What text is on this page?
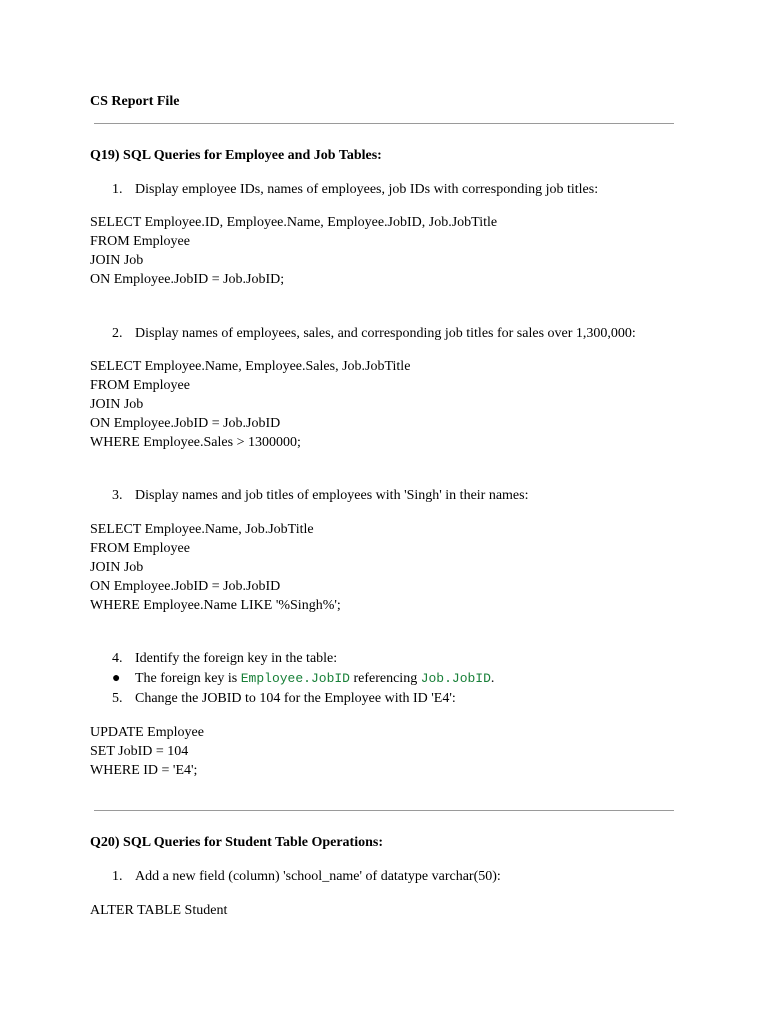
CS Report File
Q19) SQL Queries for Employee and Job Tables:
1. Display employee IDs, names of employees, job IDs with corresponding job titles:
SELECT Employee.ID, Employee.Name, Employee.JobID, Job.JobTitle
FROM Employee
JOIN Job
ON Employee.JobID = Job.JobID;
2. Display names of employees, sales, and corresponding job titles for sales over 1,300,000:
SELECT Employee.Name, Employee.Sales, Job.JobTitle
FROM Employee
JOIN Job
ON Employee.JobID = Job.JobID
WHERE Employee.Sales > 1300000;
3. Display names and job titles of employees with 'Singh' in their names:
SELECT Employee.Name, Job.JobTitle
FROM Employee
JOIN Job
ON Employee.JobID = Job.JobID
WHERE Employee.Name LIKE '%Singh%';
4. Identify the foreign key in the table:
● The foreign key is Employee.JobID referencing Job.JobID.
5. Change the JOBID to 104 for the Employee with ID 'E4':
UPDATE Employee
SET JobID = 104
WHERE ID = 'E4';
Q20) SQL Queries for Student Table Operations:
1. Add a new field (column) 'school_name' of datatype varchar(50):
ALTER TABLE Student
